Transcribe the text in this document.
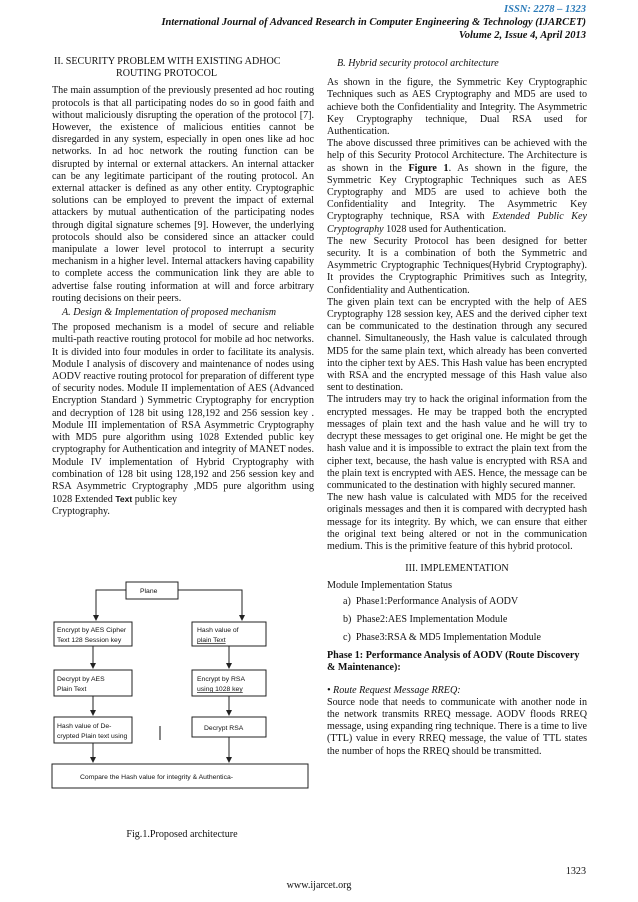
ISSN: 2278 – 1323
International Journal of Advanced Research in Computer Engineering & Technology (IJARCET)
Volume 2, Issue 4, April 2013
II. SECURITY PROBLEM WITH EXISTING ADHOC
ROUTING PROTOCOL

The main assumption of the previously presented ad hoc routing protocols is that all participating nodes do so in good faith and without maliciously disrupting the operation of the protocol [7]. However, the existence of malicious entities cannot be disregarded in any system, especially in open ones like ad hoc networks. In ad hoc network the routing function can be disrupted by internal or external attackers. An internal attacker can be any legitimate participant of the routing protocol. An external attacker is defined as any other entity. Cryptographic solutions can be employed to prevent the impact of external attackers by mutual authentication of the participating nodes through digital signature schemes [9]. However, the underlying protocols should also be considered since an attacker could manipulate a lower level protocol to interrupt a security mechanism in a higher level. Internal attackers having capability to complete access the communication link they are able to advertise false routing information at will and force arbitrary routing decisions on their peers.

A. Design & Implementation of proposed mechanism

The proposed mechanism is a model of secure and reliable multi-path reactive routing protocol for mobile ad hoc networks. It is divided into four modules in order to facilitate its analysis. Module I analysis of discovery and maintenance of nodes using AODV reactive routing protocol for preparation of different type of security nodes. Module II implementation of AES (Advanced Encryption Standard ) Symmetric Cryptography for encryption and decryption of 128 bit using 128,192 and 256 session key . Module III implementation of RSA Asymmetric Cryptography with MD5 pure algorithm using 1028 Extended public key cryptography for Authentication and integrity of MANET nodes. Module IV implementation of Hybrid Cryptography with combination of 128 bit using 128,192 and 256 session key and RSA Asymmetric Cryptography ,MD5 pure algorithm using 1028 Extended Text public key

Cryptography.

Plane
Encrypt by AES Cipher
Text 128 Session key
Hash value of
plain Text
Decrypt by AES
Plain Text
Encrypt by RSA
using 1028 key
Hash value of De-
crypted Plain text using
Decrypt RSA
Compare the Hash value for integrity & Authentica-
Fig.1.Proposed architecture
B. Hybrid security protocol architecture

As shown in the figure, the Symmetric Key Cryptographic Techniques such as AES Cryptography and MD5 are used to achieve both the Confidentiality and Integrity. The Asymmetric Key Cryptography technique, Dual RSA used for Authentication.

The above discussed three primitives can be achieved with the help of this Security Protocol Architecture. The Architecture is as shown in the Figure 1. As shown in the figure, the Symmetric Key Cryptographic Techniques such as AES Cryptography and MD5 are used to achieve both the Confidentiality and Integrity. The Asymmetric Key Cryptography technique, RSA with Extended Public Key Cryptography 1028 used for Authentication.

The new Security Protocol has been designed for better security. It is a combination of both the Symmetric and Asymmetric Cryptographic Techniques(Hybrid Cryptography). It provides the Cryptographic Primitives such as Integrity, Confidentiality and Authentication.

The given plain text can be encrypted with the help of AES Cryptography 128 session key, AES and the derived cipher text can be communicated to the destination through any secured channel. Simultaneously, the Hash value is calculated through MD5 for the same plain text, which already has been converted into the cipher text by AES. This Hash value has been encrypted with RSA and the encrypted message of this Hash value also sent to destination.

The intruders may try to hack the original information from the encrypted messages. He may be trapped both the encrypted messages of plain text and the hash value and he will try to decrypt these messages to get original one. He might be get the hash value and it is impossible to extract the plain text from the cipher text, because, the hash value is encrypted with RSA and the plain text is encrypted with AES. Hence, the message can be communicated to the destination with highly secured manner.

The new hash value is calculated with MD5 for the received originals messages and then it is compared with decrypted hash message for its integrity. By which, we can ensure that either the original text being altered or not in the communication medium. This is the primitive feature of this hybrid protocol.

III. IMPLEMENTATION
Module Implementation Status
a) Phase1:Performance Analysis of AODV
b) Phase2:AES Implementation Module
c) Phase3:RSA & MD5 Implementation Module
Phase 1: Performance Analysis of AODV (Route Discovery & Maintenance):
• Route Request Message RREQ:

Source node that needs to communicate with another node in the network transmits RREQ message. AODV floods RREQ message, using expanding ring technique. There is a time to live (TTL) value in every RREQ message, the value of TTL states the number of hops the RREQ should be transmitted.

1323
www.ijarcet.org
